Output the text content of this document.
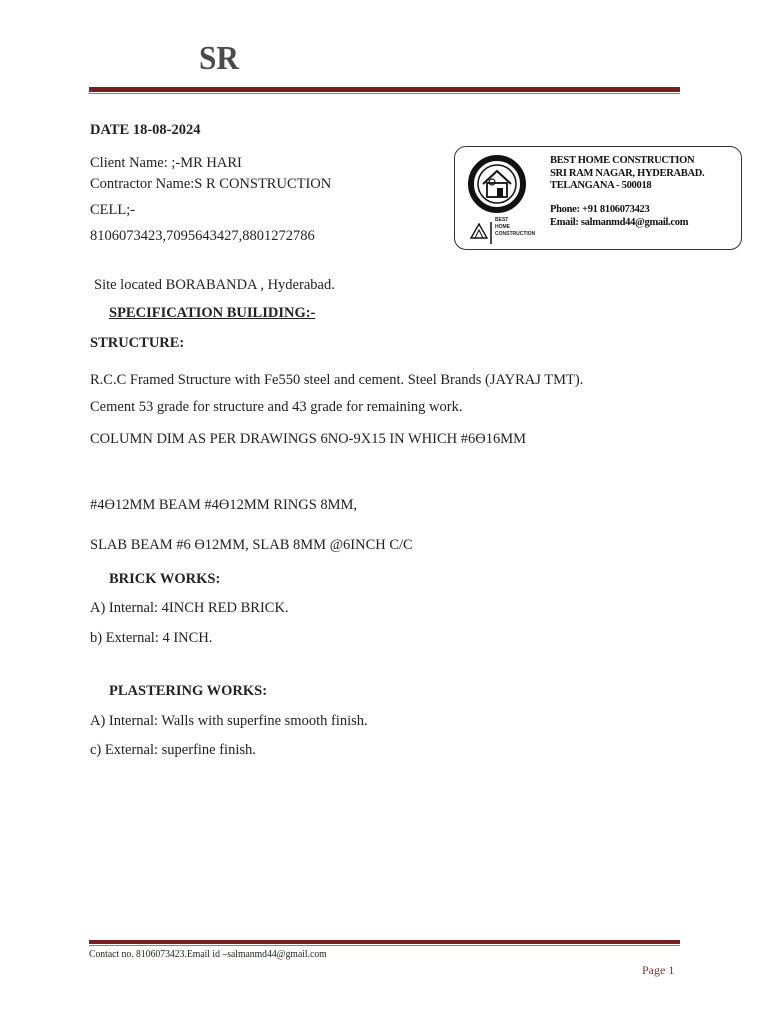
SR
DATE 18-08-2024
Client Name: ;-MR HARI
Contractor Name:S R CONSTRUCTION
CELL;-
8106073423,7095643427,8801272786
BEST
HOME
CONSTRUCTION
BEST HOME CONSTRUCTION
SRI RAM NAGAR, HYDERABAD.
TELANGANA - 500018
Phone: +91 8106073423
Email: salmanmd44@gmail.com
Site located BORABANDA , Hyderabad.
SPECIFICATION BUILIDING:-
STRUCTURE:
R.C.C Framed Structure with Fe550 steel and cement. Steel Brands (JAYRAJ TMT).
Cement 53 grade for structure and 43 grade for remaining work.
COLUMN DIM AS PER DRAWINGS 6NO-9X15 IN WHICH #6ϴ16MM
#4ϴ12MM BEAM #4ϴ12MM RINGS 8MM,
SLAB BEAM #6 ϴ12MM, SLAB 8MM @6INCH C/C
BRICK WORKS:
A) Internal: 4INCH RED BRICK.
b) External: 4 INCH.
PLASTERING WORKS:
A) Internal: Walls with superfine smooth finish.
c) External: superfine finish.
Contact no. 8106073423.Email id –salmanmd44@gmail.com
Page 1
